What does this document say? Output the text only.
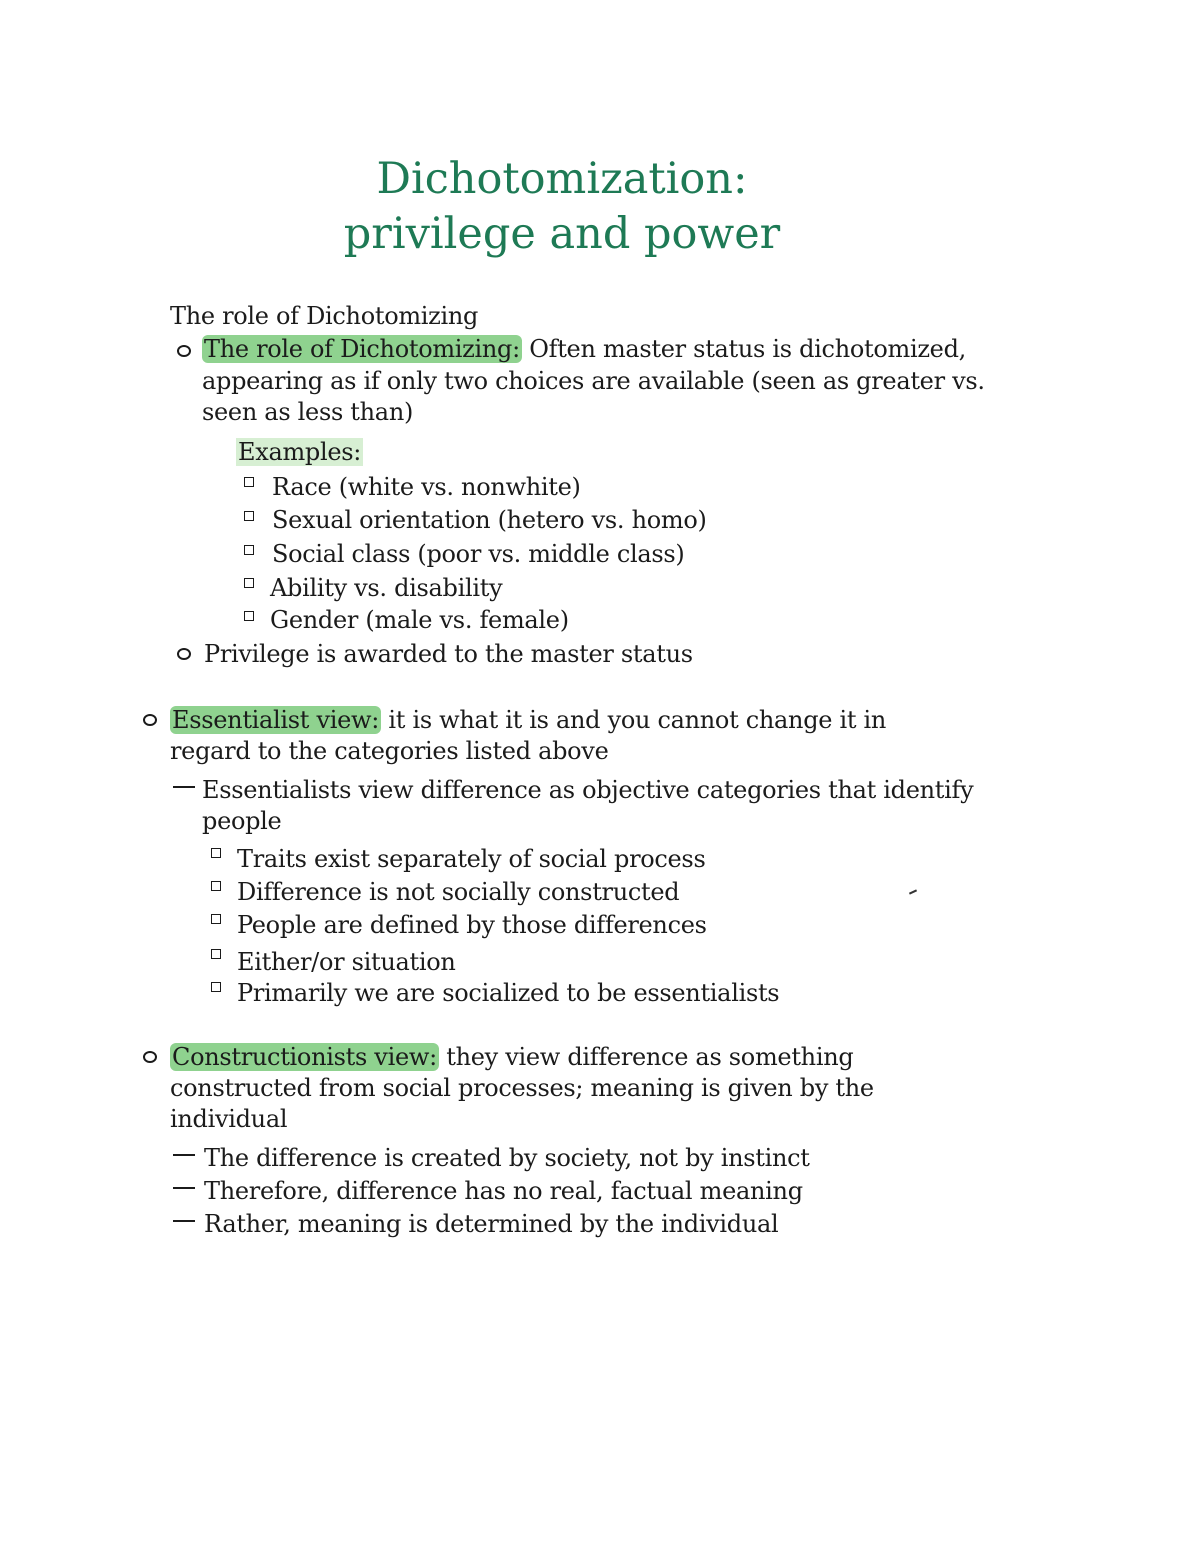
Dichotomization:
privilege and power
The role of Dichotomizing
The role of Dichotomizing: Often master status is dichotomized,
appearing as if only two choices are available (seen as greater vs.
seen as less than)
Examples:
Race (white vs. nonwhite)
Sexual orientation (hetero vs. homo)
Social class (poor vs. middle class)
Ability vs. disability
Gender (male vs. female)
Privilege is awarded to the master status
Essentialist view: it is what it is and you cannot change it in
regard to the categories listed above
Essentialists view difference as objective categories that identify
people
Traits exist separately of social process
Difference is not socially constructed
People are defined by those differences
Either/or situation
Primarily we are socialized to be essentialists
Constructionists view: they view difference as something
constructed from social processes; meaning is given by the
individual
The difference is created by society, not by instinct
Therefore, difference has no real, factual meaning
Rather, meaning is determined by the individual
